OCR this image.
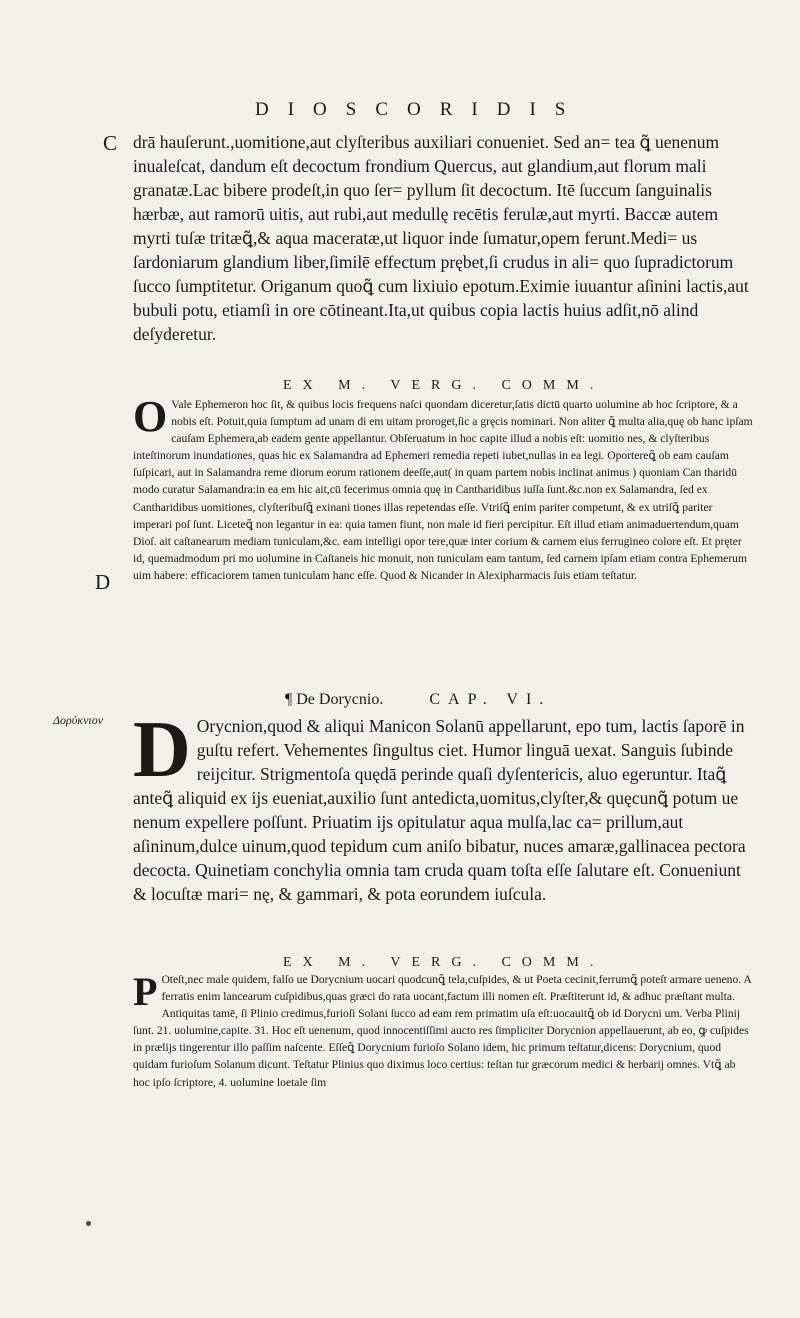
DIOSCORIDIS
C
D
Δορύκνιον

drā hauſerunt.,uomitione,aut clyſteribus auxiliari conueniet. Sed an= tea ꝗ̃ uenenum inualeſcat, dandum eſt decoctum frondium Quercus, aut glandium,aut florum mali granatæ.Lac bibere prodeſt,in quo ſer= pyllum ſit decoctum. Itē ſuccum ſanguinalis hærbæ, aut ramorū uitis, aut rubi,aut medullę recētis ferulæ,aut myrti. Baccæ autem myrti tuſæ tritæꝗ̃,& aqua maceratæ,ut liquor inde ſumatur,opem ferunt.Medi= us ſardoniarum glandium liber,ſimilē effectum prębet,ſi crudus in ali= quo ſupradictorum ſucco ſumptitetur. Origanum quoꝗ̃ cum lixiuio epotum.Eximie iuuantur aſinini lactis,aut bubuli potu, etiamſi in ore cōtineant.Ita,ut quibus copia lactis huius adſit,nō alind deſyderetur.

EX M. VERG. COMM.
O Vale Ephemeron hoc ſit, & quibus locis frequens naſci quondam diceretur,ſatis dictū quarto uolumine ab hoc ſcriptore, & a nobis eſt. Potuit,quia ſumptum ad unam di em uitam proroget,ſic a gręcis nominari. Non aliter ꝗ̃ multa alia,quę ob hanc ipſam cauſam Ephemera,ab eadem gente appellantur. Obſeruatum in hoc capite illud a nobis eſt: uomitio nes, & clyſteribus inteſtinorum inundationes, quas hic ex Salamandra ad Ephemeri remedia repeti iubet,nullas in ea legi. Oportereꝗ̃ ob eam cauſam ſuſpicari, aut in Salamandra reme diorum eorum rationem deeſſe,aut( in quam partem nobis inclinat animus ) quoniam Can tharidū modo curatur Salamandra:in ea em hic ait,cū fecerimus omnia quę in Cantharidibus iuſſa ſunt.&c.non ex Salamandra, ſed ex Cantharidibus uomitiones, clyſteribuſꝗ̃ exinani tiones illas repetendas eſſe. Vtriſꝗ̃ enim pariter competunt, & ex utriſꝗ̃ pariter imperari poſ ſunt. Liceteꝗ̃ non legantur in ea: quia tamen fiunt, non male id fieri percipitur. Eſt illud etiam animaduertendum,quam Dioſ. ait caſtanearum mediam tuniculam,&c. eam intelligi opor tere,quæ inter corium & carnem eius ferrugineo colore eſt. Et pręter id, quemadmodum pri mo uolumine in Caſtaneis hic monuit, non tuniculam eam tantum, ſed carnem ipſam etiam contra Ephemerum uim habere: efficaciorem tamen tuniculam hanc eſſe. Quod & Nicander in Alexipharmacis ſuis etiam teſtatur.

¶ De Dorycnio.	CAP. VI.
D Orycnion,quod & aliqui Manicon Solanū appellarunt, epo tum, lactis ſaporē in guſtu refert. Vehementes ſingultus ciet. Humor linguā uexat. Sanguis ſubinde reijcitur. Strigmentoſa quędā perinde quaſi dyſentericis, aluo egeruntur. Itaꝗ̃ anteꝗ̃ aliquid ex ijs eueniat,auxilio ſunt antedicta,uomitus,clyſter,& quęcunꝗ̃ potum ue nenum expellere poſſunt. Priuatim ijs opitulatur aqua mulſa,lac ca= prillum,aut aſininum,dulce uinum,quod tepidum cum aniſo bibatur, nuces amaræ,gallinacea pectora decocta. Quinetiam conchylia omnia tam cruda quam toſta eſſe ſalutare eſt. Conueniunt & locuſtæ mari= nę, & gammari, & pota eorundem iuſcula.

EX M. VERG. COMM.
P Oteſt,nec male quidem, falſo ue Dorycnium uocari quodcunꝗ̃ tela,cuſpides, & ut Poeta cecinit,ferrumꝗ̃ poteſt armare ueneno. A ferratis enim lancearum cuſpidibus,quas græci do rata uocant,factum illi nomen eſt. Præſtiterunt id, & adhuc præſtant multa. Antiquitas tamē, ſi Plinio credimus,furioſi Solani ſucco ad eam rem primatim uſa eſt:uocauitꝗ̃ ob id Dorycni um. Verba Plinij ſunt. 21. uolumine,capite. 31. Hoc eſt uenenum, quod innocentiſſimi aucto res ſimpliciter Dorycnion appellauerunt, ab eo, ꝙ cuſpides in prælijs tingerentur illo paſſim naſcente. Eſſeꝗ̃ Dorycnium furioſo Solano idem, hic primum teſtatur,dicens: Dorycnium, quod quidam furioſum Solanum dicunt. Teſtatur Plinius quo diximus loco certius: teſtan tur græcorum medici & herbarij omnes. Vtꝗ̃ ab hoc ipſo ſcriptore, 4. uolumine loetale ſim
